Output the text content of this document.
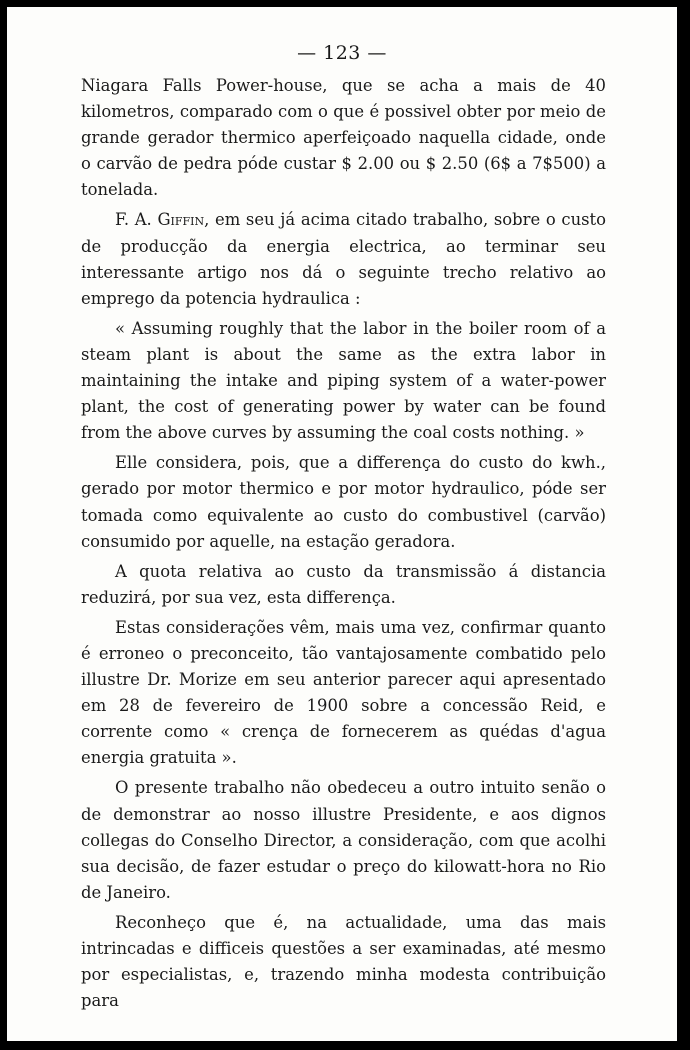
— 123 —

Niagara Falls Power-house, que se acha a mais de 40 kilometros, comparado com o que é possivel obter por meio de grande gerador thermico aperfeiçoado naquella cidade, onde o carvão de pedra póde custar $ 2.00 ou $ 2.50 (6$ a 7$500) a tonelada.

F. A. Giffin, em seu já acima citado trabalho, sobre o custo de producção da energia electrica, ao terminar seu interessante artigo nos dá o seguinte trecho relativo ao emprego da potencia hydraulica :

« Assuming roughly that the labor in the boiler room of a steam plant is about the same as the extra labor in maintaining the intake and piping system of a water-power plant, the cost of generating power by water can be found from the above curves by assuming the coal costs nothing. »

Elle considera, pois, que a differença do custo do kwh., gerado por motor thermico e por motor hydraulico, póde ser tomada como equivalente ao custo do combustivel (carvão) consumido por aquelle, na estação geradora.

A quota relativa ao custo da transmissão á distancia reduzirá, por sua vez, esta differença.

Estas considerações vêm, mais uma vez, confirmar quanto é erroneo o preconceito, tão vantajosamente combatido pelo illustre Dr. Morize em seu anterior parecer aqui apresentado em 28 de fevereiro de 1900 sobre a concessão Reid, e corrente como « crença de fornecerem as quédas d'agua energia gratuita ».

O presente trabalho não obedeceu a outro intuito senão o de demonstrar ao nosso illustre Presidente, e aos dignos collegas do Conselho Director, a consideração, com que acolhi sua decisão, de fazer estudar o preço do kilowatt-hora no Rio de Janeiro.

Reconheço que é, na actualidade, uma das mais intrincadas e difficeis questões a ser examinadas, até mesmo por especialistas, e, trazendo minha modesta contribuição para
